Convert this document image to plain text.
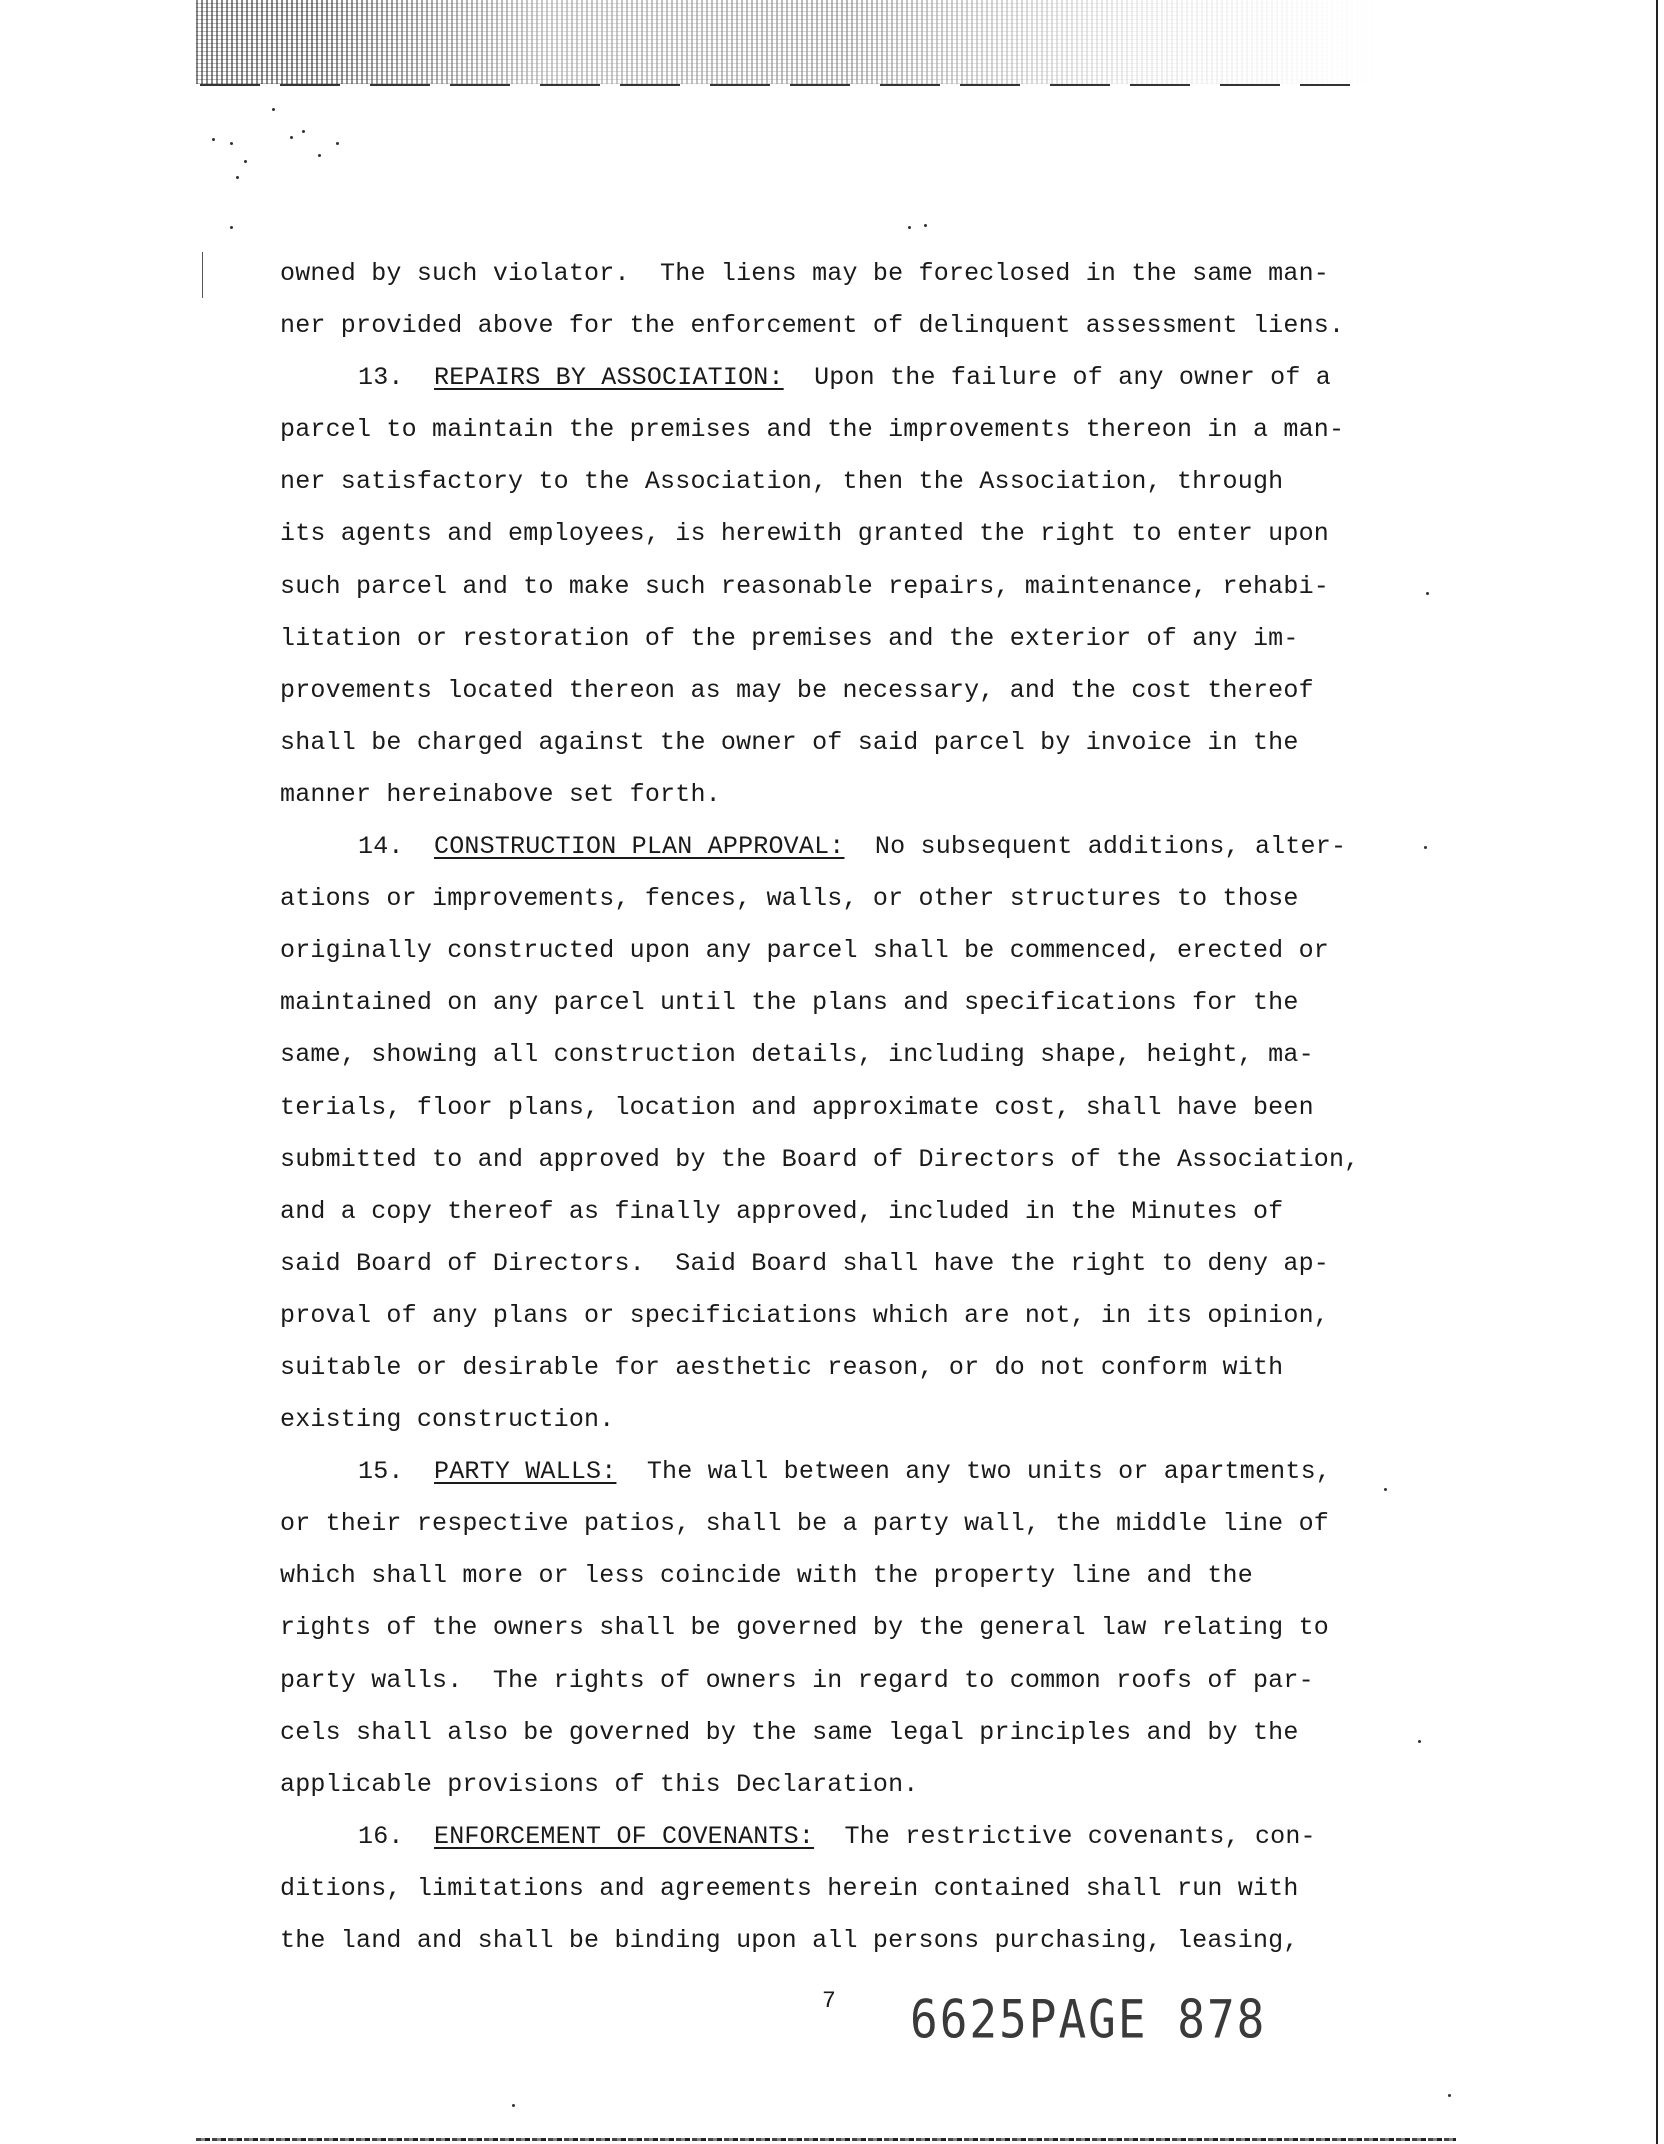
owned by such violator.  The liens may be foreclosed in the same man-
ner provided above for the enforcement of delinquent assessment liens.
13. REPAIRS BY ASSOCIATION:  Upon the failure of any owner of a
parcel to maintain the premises and the improvements thereon in a man-
ner satisfactory to the Association, then the Association, through
its agents and employees, is herewith granted the right to enter upon
such parcel and to make such reasonable repairs, maintenance, rehabi-
litation or restoration of the premises and the exterior of any im-
provements located thereon as may be necessary, and the cost thereof
shall be charged against the owner of said parcel by invoice in the
manner hereinabove set forth.
14. CONSTRUCTION PLAN APPROVAL:  No subsequent additions, alter-
ations or improvements, fences, walls, or other structures to those
originally constructed upon any parcel shall be commenced, erected or
maintained on any parcel until the plans and specifications for the
same, showing all construction details, including shape, height, ma-
terials, floor plans, location and approximate cost, shall have been
submitted to and approved by the Board of Directors of the Association,
and a copy thereof as finally approved, included in the Minutes of
said Board of Directors.  Said Board shall have the right to deny ap-
proval of any plans or specificiations which are not, in its opinion,
suitable or desirable for aesthetic reason, or do not conform with
existing construction.
15. PARTY WALLS:  The wall between any two units or apartments,
or their respective patios, shall be a party wall, the middle line of
which shall more or less coincide with the property line and the
rights of the owners shall be governed by the general law relating to
party walls.  The rights of owners in regard to common roofs of par-
cels shall also be governed by the same legal principles and by the
applicable provisions of this Declaration.
16. ENFORCEMENT OF COVENANTS:  The restrictive covenants, con-
ditions, limitations and agreements herein contained shall run with
the land and shall be binding upon all persons purchasing, leasing,
7 6625PAGE 878
